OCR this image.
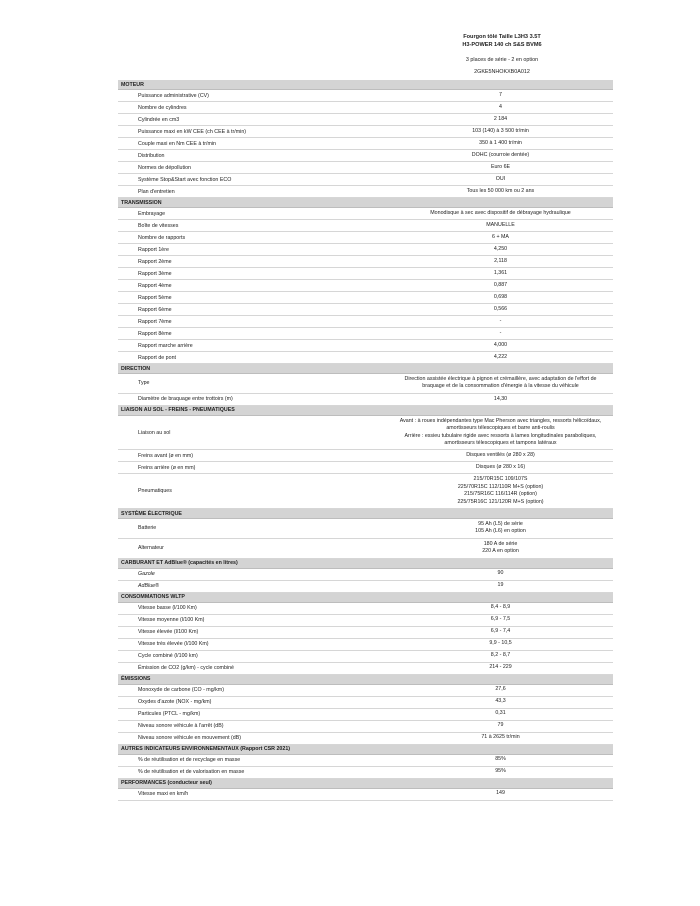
Fourgon tôlé Taille L3H3 3.5T
H3-POWER 140 ch S&S BVM6
3 places de série - 2 en option
2GKE5NHOKXB0A012
MOTEUR	
Puissance administrative (CV)	7

Nombre de cylindres	4

Cylindrée en cm3	2 184

Puissance maxi en kW CEE (ch CEE à tr/min)	103 (140) à 3 500 tr/min

Couple maxi en Nm CEE à tr/min	350 à 1 400 tr/min

Distribution	DOHC (courroie dentée)

Normes de dépollution	Euro 6E

Système Stop&Start avec fonction ECO	OUI

Plan d'entretien	Tous les 50 000 km ou 2 ans

TRANSMISSION	
Embrayage	Monodisque à sec avec dispositif de débrayage hydraulique

Boîte de vitesses	MANUELLE

Nombre de rapports	6 + MA

Rapport 1ère	4,250

Rapport 2ème	2,118

Rapport 3ème	1,361

Rapport 4ème	0,887

Rapport 5ème	0,698

Rapport 6ème	0,566

Rapport 7ème	-

Rapport 8ème	-

Rapport marche arrière	4,000

Rapport de pont	4,222

DIRECTION	
Type	Direction assistée électrique à pignon et crémaillère, avec adaptation de l'effort de
braquage et de la consommation d'énergie à la vitesse du véhicule

Diamètre de braquage entre trottoirs (m)	14,30

LIAISON AU SOL - FREINS - PNEUMATIQUES	
Liaison au sol	Avant : à roues indépendantes type Mac Pherson avec triangles, ressorts hélicoïdaux,
amortisseurs télescopiques et barre anti-roulis
Arrière : essieu tubulaire rigide avec ressorts à lames longitudinales paraboliques,
amortisseurs télescopiques et tampons latéraux

Freins avant (ø en mm)	Disques ventilés (ø 280 x 28)

Freins arrière (ø en mm)	Disques (ø 280 x 16)

Pneumatiques	215/70R15C 109/107S
225/70R15C 112/110R M+S (option)
215/75R16C 116/114R (option)
225/75R16C 121/120R M+S (option)

SYSTÈME ÉLECTRIQUE	
Batterie	95 Ah (L5) de série
105 Ah (L6) en option

Alternateur	180 A de série
220 A en option

CARBURANT ET AdBlue® (capacités en litres)	
Gazole	90

AdBlue®	19

CONSOMMATIONS WLTP	
Vitesse basse (l/100 Km)	8,4 - 8,9

Vitesse moyenne (l/100 Km)	6,9 - 7,5

Vitesse élevée (l/100 Km)	6,9 - 7,4

Vitesse très élevée (l/100 Km)	9,9 - 10,5

Cycle combiné (l/100 km)	8,2 - 8,7

Émission de CO2 (g/km) - cycle combiné	214 - 229

ÉMISSIONS	
Monoxyde de carbone (CO - mg/km)	27,6

Oxydes d'azote (NOX - mg/km)	43,3

Particules (PTCL - mg/km)	0,31

Niveau sonore véhicule à l'arrêt (dB)	79

Niveau sonore véhicule en mouvement (dB)	71 à 2625 tr/min

AUTRES INDICATEURS ENVIRONNEMENTAUX (Rapport CSR 2021)	
% de réutilisation et de recyclage en masse	85%

% de réutilisation et de valorisation en masse	95%

PERFORMANCES (conducteur seul)	
Vitesse maxi en km/h	149
